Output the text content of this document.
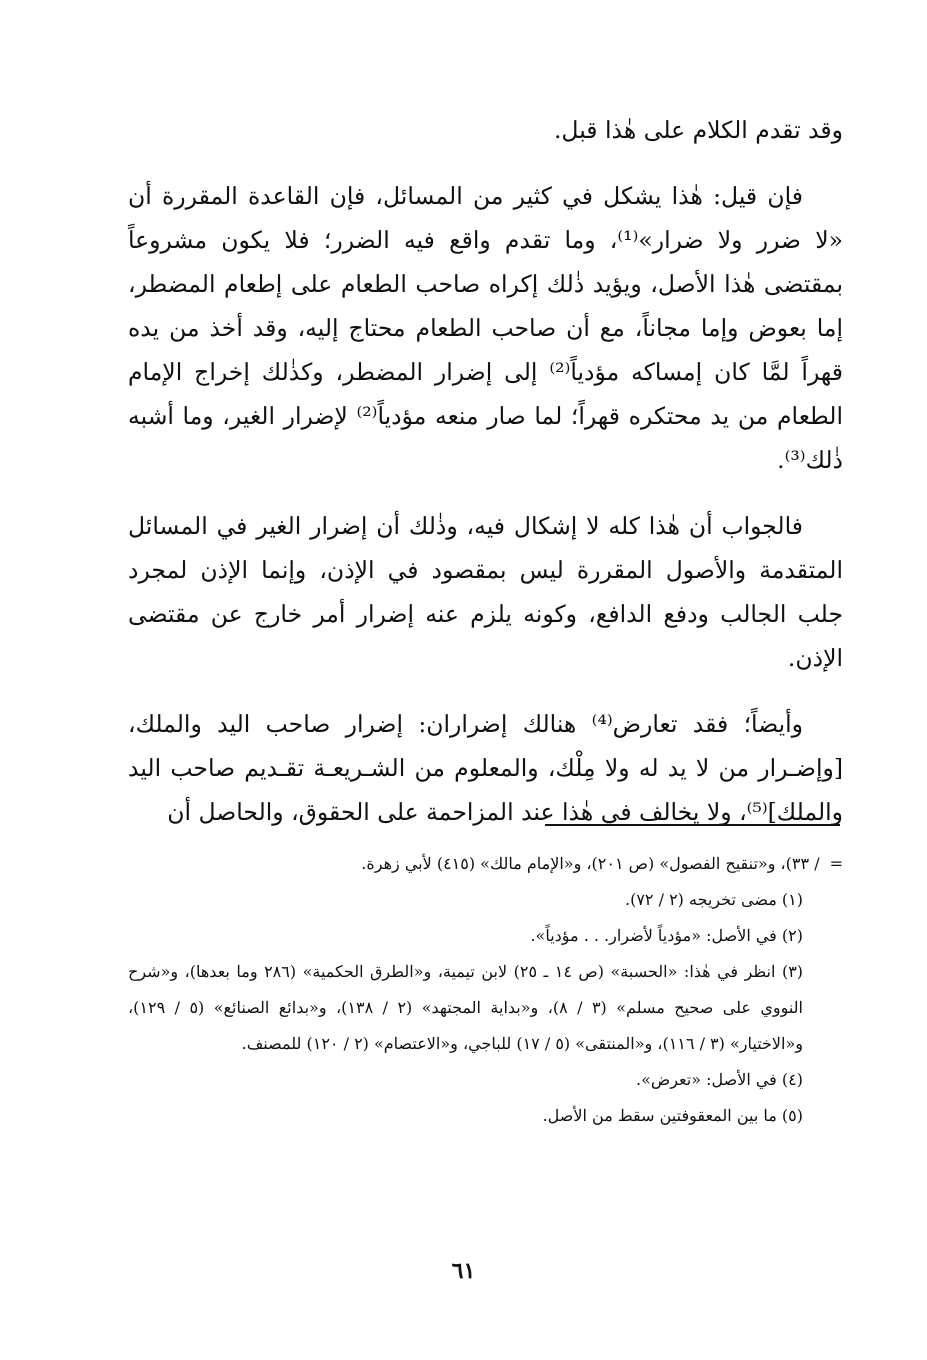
وقد تقدم الكلام على هٰذا قبل.

فإن قيل: هٰذا يشكل في كثير من المسائل، فإن القاعدة المقررة أن «لا ضرر ولا ضرار»⁽¹⁾، وما تقدم واقع فيه الضرر؛ فلا يكون مشروعاً بمقتضى هٰذا الأصل، ويؤيد ذٰلك إكراه صاحب الطعام على إطعام المضطر، إما بعوض وإما مجاناً، مع أن صاحب الطعام محتاج إليه، وقد أخذ من يده قهراً لمَّا كان إمساكه مؤدياً⁽²⁾ إلى إضرار المضطر، وكذٰلك إخراج الإمام الطعام من يد محتكره قهراً؛ لما صار منعه مؤدياً⁽²⁾ لإضرار الغير، وما أشبه ذٰلك⁽³⁾.

فالجواب أن هٰذا كله لا إشكال فيه، وذٰلك أن إضرار الغير في المسائل المتقدمة والأصول المقررة ليس بمقصود في الإذن، وإنما الإذن لمجرد جلب الجالب ودفع الدافع، وكونه يلزم عنه إضرار أمر خارج عن مقتضى الإذن.

وأيضاً؛ فقد تعارض⁽⁴⁾ هنالك إضراران: إضرار صاحب اليد والملك، [وإضـرار من لا يد له ولا مِلْك، والمعلوم من الشـريعـة تقـديم صاحب اليد والملك]⁽⁵⁾، ولا يخالف في هٰذا عند المزاحمة على الحقوق، والحاصل أن

=/ ٣٣)، و«تنقيح الفصول» (ص ٢٠١)، و«الإمام مالك» (٤١٥) لأبي زهرة.

(١) مضى تخريجه (٢ / ٧٢).

(٢) في الأصل: «مؤدياً لأضرار. . . مؤدياً».

(٣) انظر في هٰذا: «الحسبة» (ص ١٤ ـ ٢٥) لابن تيمية، و«الطرق الحكمية» (٢٨٦ وما بعدها)، و«شرح النووي على صحيح مسلم» (٣ / ٨)، و«بداية المجتهد» (٢ / ١٣٨)، و«بدائع الصنائع» (٥ / ١٢٩)، و«الاختيار» (٣ / ١١٦)، و«المنتقى» (٥ / ١٧) للباجي، و«الاعتصام» (٢ / ١٢٠) للمصنف.

(٤) في الأصل: «تعرض».

(٥) ما بين المعقوفتين سقط من الأصل.

٦١
